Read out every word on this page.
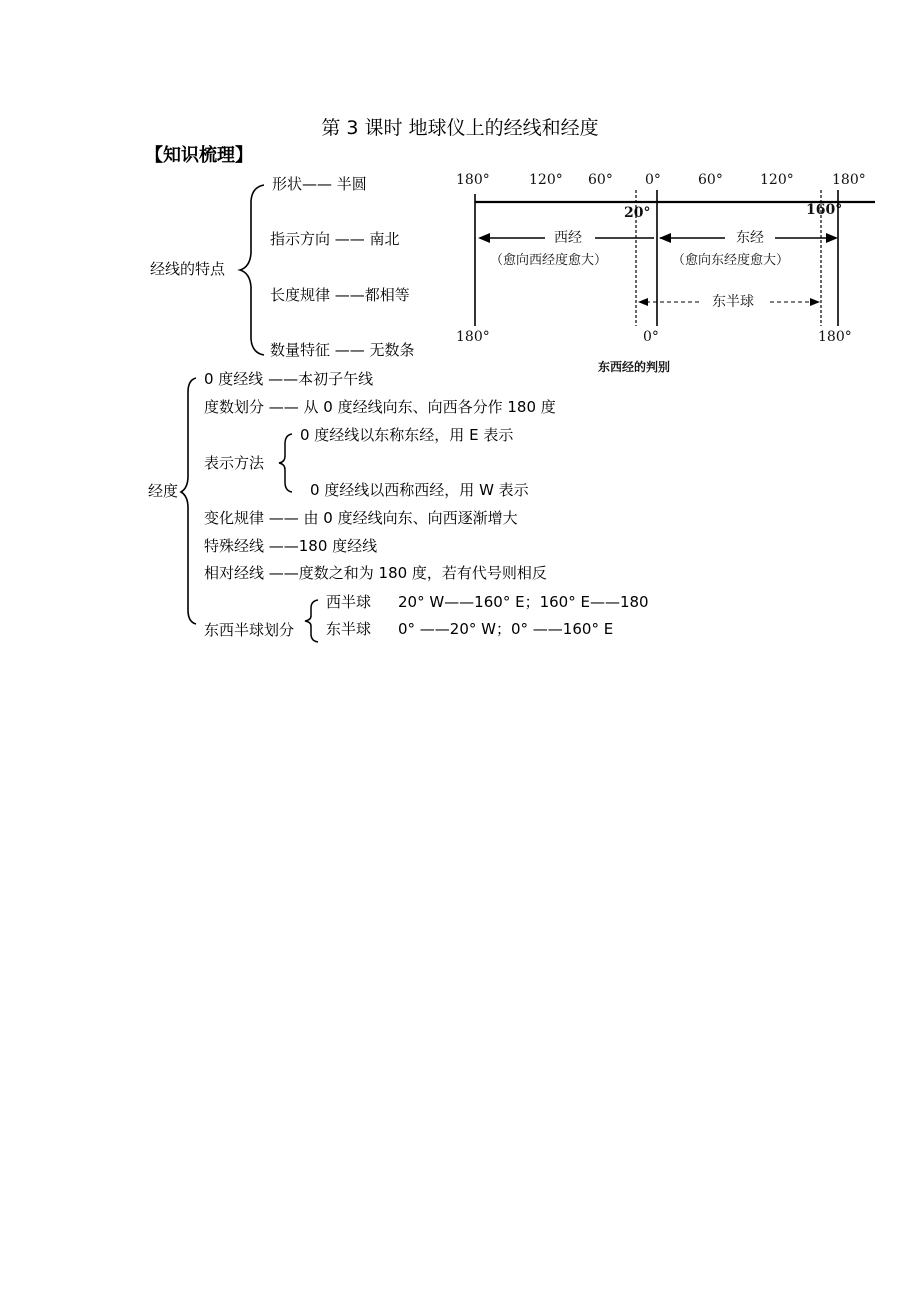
第 3 课时 地球仪上的经线和经度
【知识梳理】
经线的特点
形状—— 半圆
指示方向 —— 南北
长度规律 ——都相等
数量特征 —— 无数条
180°	120° 60° 0°	60°	120°	180°
20°	160°
西经
（愈向西经度愈大）
东经
（愈向东经度愈大）
东半球
180°	0°	180°
东西经的判别
经度
0 度经线 ——本初子午线
度数划分 —— 从 0 度经线向东、向西各分作 180 度
表示方法
0 度经线以东称东经，用 E 表示
0 度经线以西称西经，用 W 表示
变化规律 —— 由 0 度经线向东、向西逐渐增大
特殊经线 ——180 度经线
相对经线 ——度数之和为 180 度，若有代号则相反
东西半球划分
西半球 20° W——160° E；160° E——180
东半球 0° ——20° W；0° ——160° E
